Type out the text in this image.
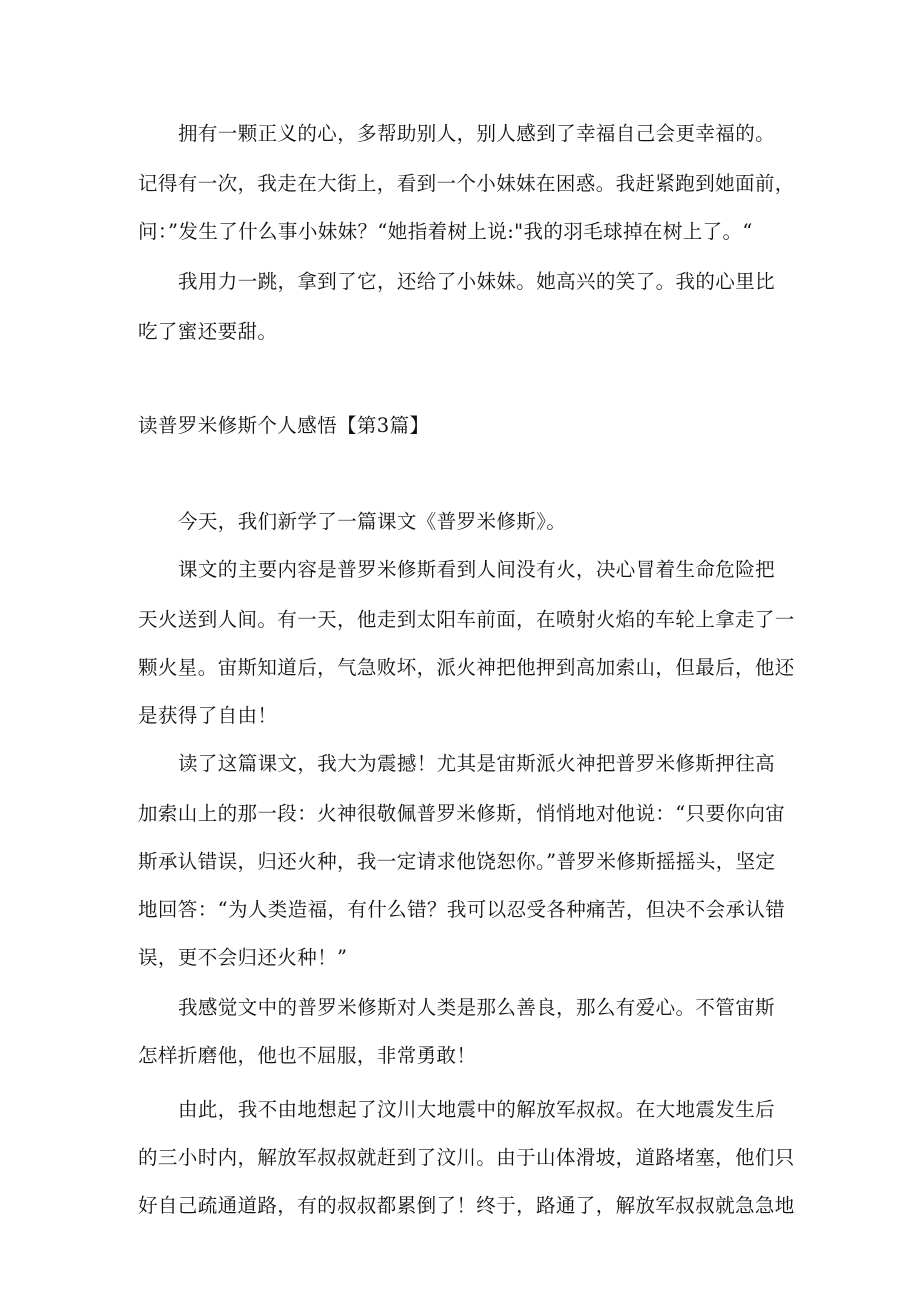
拥有一颗正义的心，多帮助别人，别人感到了幸福自己会更幸福的。

记得有一次，我走在大街上，看到一个小妹妹在困惑。我赶紧跑到她面前，

问：”发生了什么事小妹妹？“她指着树上说:"我的羽毛球掉在树上了。“

我用力一跳，拿到了它，还给了小妹妹。她高兴的笑了。我的心里比

吃了蜜还要甜。

读普罗米修斯个人感悟【第3篇】

今天，我们新学了一篇课文《普罗米修斯》。

课文的主要内容是普罗米修斯看到人间没有火，决心冒着生命危险把

天火送到人间。有一天，他走到太阳车前面，在喷射火焰的车轮上拿走了一

颗火星。宙斯知道后，气急败坏，派火神把他押到高加索山，但最后，他还

是获得了自由！

读了这篇课文，我大为震撼！尤其是宙斯派火神把普罗米修斯押往高

加索山上的那一段：火神很敬佩普罗米修斯，悄悄地对他说：“只要你向宙

斯承认错误，归还火种，我一定请求他饶恕你。”普罗米修斯摇摇头，坚定

地回答：“为人类造福，有什么错？我可以忍受各种痛苦，但决不会承认错

误，更不会归还火种！”

我感觉文中的普罗米修斯对人类是那么善良，那么有爱心。不管宙斯

怎样折磨他，他也不屈服，非常勇敢！

由此，我不由地想起了汶川大地震中的解放军叔叔。在大地震发生后

的三小时内，解放军叔叔就赶到了汶川。由于山体滑坡，道路堵塞，他们只

好自己疏通道路，有的叔叔都累倒了！终于，路通了，解放军叔叔就急急地
